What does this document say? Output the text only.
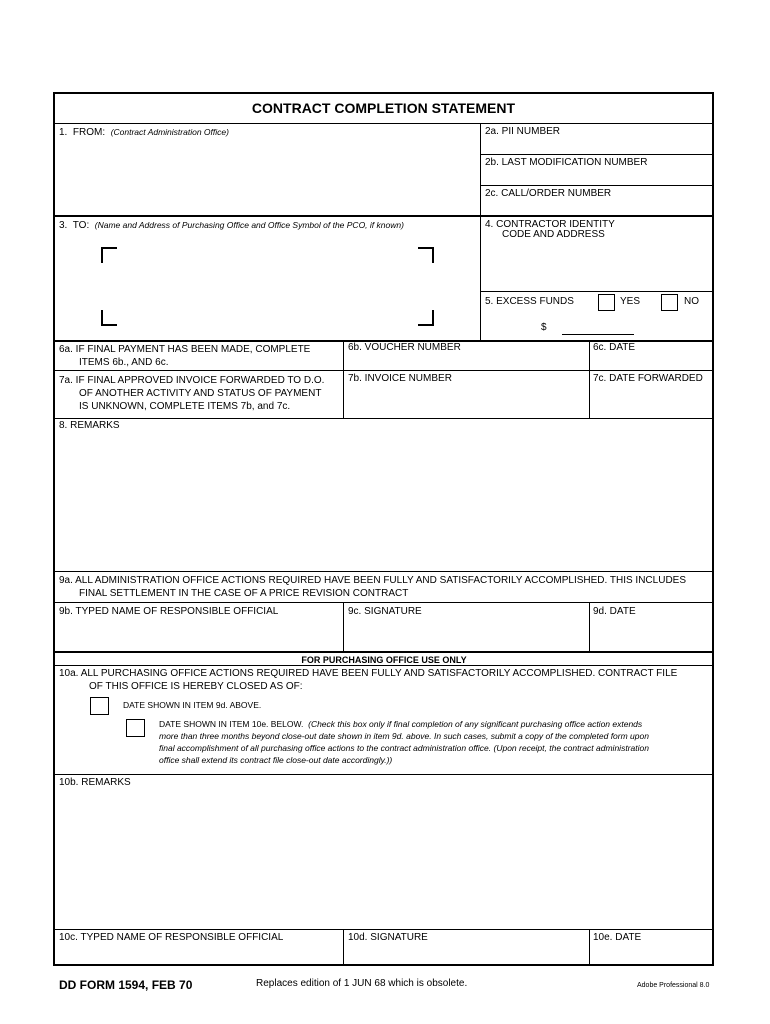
CONTRACT COMPLETION STATEMENT
1. FROM: (Contract Administration Office)	2a. PII NUMBER
2b. LAST MODIFICATION NUMBER
2c. CALL/ORDER NUMBER
3. TO: (Name and Address of Purchasing Office and Office Symbol of the PCO, if known)	4. CONTRACTOR IDENTITY
CODE AND ADDRESS
5. EXCESS FUNDS	YES	NO
$
6a. IF FINAL PAYMENT HAS BEEN MADE, COMPLETE
ITEMS 6b., AND 6c.
6b. VOUCHER NUMBER	6c. DATE
7a. IF FINAL APPROVED INVOICE FORWARDED TO D.O.
OF ANOTHER ACTIVITY AND STATUS OF PAYMENT
IS UNKNOWN, COMPLETE ITEMS 7b, and 7c.
7b. INVOICE NUMBER	7c. DATE FORWARDED
8. REMARKS
9a. ALL ADMINISTRATION OFFICE ACTIONS REQUIRED HAVE BEEN FULLY AND SATISFACTORILY ACCOMPLISHED. THIS INCLUDES
FINAL SETTLEMENT IN THE CASE OF A PRICE REVISION CONTRACT
9b. TYPED NAME OF RESPONSIBLE OFFICIAL	9c. SIGNATURE	9d. DATE
FOR PURCHASING OFFICE USE ONLY
10a. ALL PURCHASING OFFICE ACTIONS REQUIRED HAVE BEEN FULLY AND SATISFACTORILY ACCOMPLISHED. CONTRACT FILE
OF THIS OFFICE IS HEREBY CLOSED AS OF:
DATE SHOWN IN ITEM 9d. ABOVE.
DATE SHOWN IN ITEM 10e. BELOW. (Check this box only if final completion of any significant purchasing office action extends
more than three months beyond close-out date shown in item 9d. above. In such cases, submit a copy of the completed form upon
final accomplishment of all purchasing office actions to the contract administration office. (Upon receipt, the contract administration
office shall extend its contract file close-out date accordingly.))
10b. REMARKS
10c. TYPED NAME OF RESPONSIBLE OFFICIAL	10d. SIGNATURE	10e. DATE
DD FORM 1594, FEB 70	Replaces edition of 1 JUN 68 which is obsolete.	Adobe Professional 8.0
